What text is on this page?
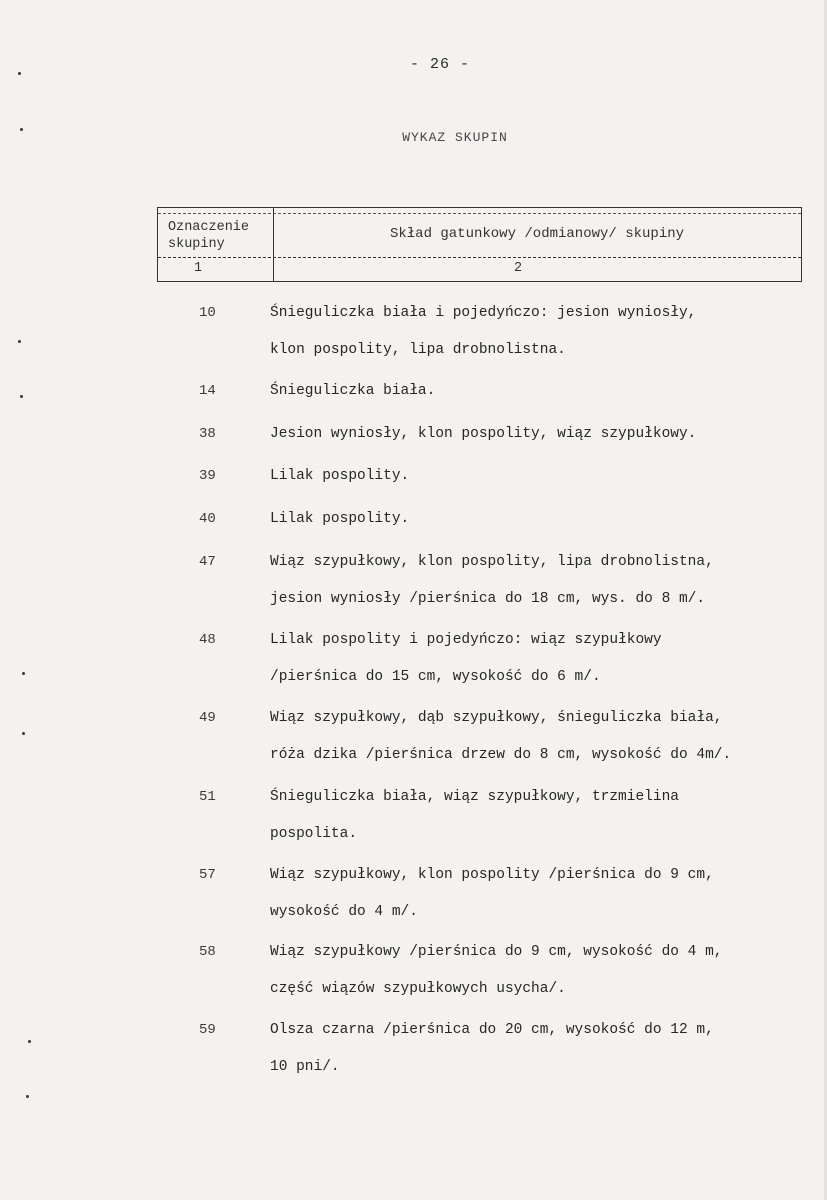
- 26 -
WYKAZ SKUPIN
Oznaczenie skupiny
Skład gatunkowy /odmianowy/ skupiny
1	2
10	Śnieguliczka biała i pojedyńczo: jesion wyniosły,
klon pospolity, lipa drobnolistna.
14	Śnieguliczka biała.
38	Jesion wyniosły, klon pospolity, wiąz szypułkowy.
39	Lilak pospolity.
40	Lilak pospolity.
47	Wiąz szypułkowy, klon pospolity, lipa drobnolistna,
jesion wyniosły /pierśnica do 18 cm, wys. do 8 m/.
48	Lilak pospolity i pojedyńczo: wiąz szypułkowy
/pierśnica do 15 cm, wysokość do 6 m/.
49	Wiąz szypułkowy, dąb szypułkowy, śnieguliczka biała,
róża dzika /pierśnica drzew do 8 cm, wysokość do 4m/.
51	Śnieguliczka biała, wiąz szypułkowy, trzmielina
pospolita.
57	Wiąz szypułkowy, klon pospolity /pierśnica do 9 cm,
wysokość do 4 m/.
58	Wiąz szypułkowy /pierśnica do 9 cm, wysokość do 4 m,
część wiązów szypułkowych usycha/.
59	Olsza czarna /pierśnica do 20 cm, wysokość do 12 m,
10 pni/.
